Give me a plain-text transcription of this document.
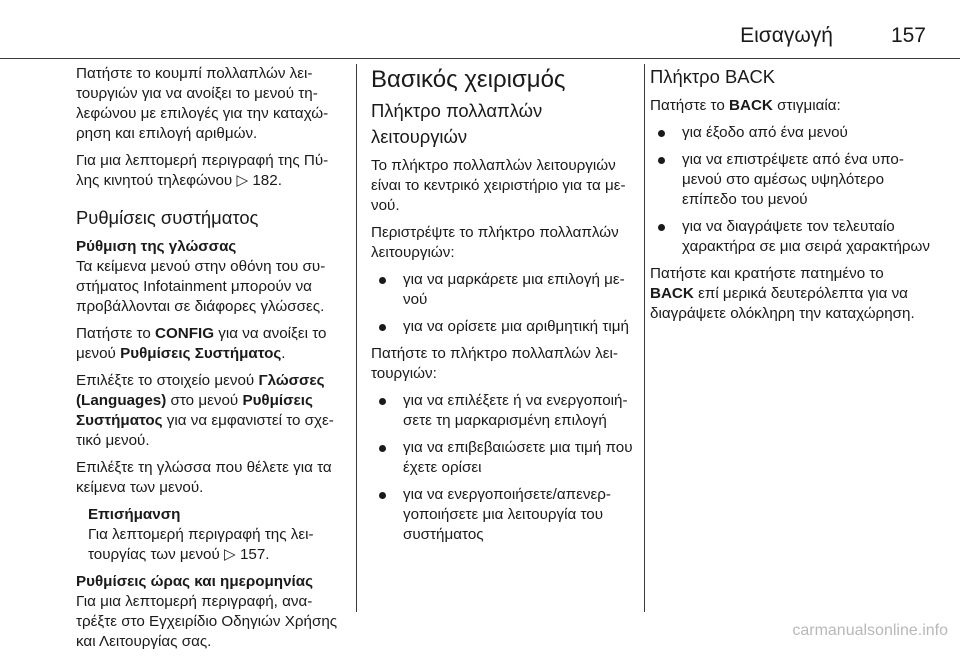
Εισαγωγή	157

Πατήστε το κουμπί πολλαπλών λειτουργιών για να ανοίξει το μενού τηλεφώνου με επιλογές για την καταχώρηση και επιλογή αριθμών.

Για μια λεπτομερή περιγραφή της Πύλης κινητού τηλεφώνου ▷ 182.

Ρυθμίσεις συστήματος
Ρύθμιση της γλώσσας

Τα κείμενα μενού στην οθόνη του συστήματος Infotainment μπορούν να προβάλλονται σε διάφορες γλώσσες.

Πατήστε το CONFIG για να ανοίξει το μενού Ρυθμίσεις Συστήματος.

Επιλέξτε το στοιχείο μενού Γλώσσες (Languages) στο μενού Ρυθμίσεις Συστήματος για να εμφανιστεί το σχετικό μενού.

Επιλέξτε τη γλώσσα που θέλετε για τα κείμενα των μενού.

Επισήμανση
Για λεπτομερή περιγραφή της λειτουργίας των μενού ▷ 157.
Ρυθμίσεις ώρας και ημερομηνίας

Για μια λεπτομερή περιγραφή, ανατρέξτε στο Εγχειρίδιο Οδηγιών Χρήσης και Λειτουργίας σας.

Βασικός χειρισμός
Πλήκτρο πολλαπλών λειτουργιών

Το πλήκτρο πολλαπλών λειτουργιών είναι το κεντρικό χειριστήριο για τα μενού.

Περιστρέψτε το πλήκτρο πολλαπλών λειτουργιών:

για να μαρκάρετε μια επιλογή μενού
για να ορίσετε μια αριθμητική τιμή

Πατήστε το πλήκτρο πολλαπλών λειτουργιών:

για να επιλέξετε ή να ενεργοποιήσετε τη μαρκαρισμένη επιλογή
για να επιβεβαιώσετε μια τιμή που έχετε ορίσει
για να ενεργοποιήσετε/απενεργοποιήσετε μια λειτουργία του συστήματος
Πλήκτρο BACK

Πατήστε το BACK στιγμιαία:

για έξοδο από ένα μενού
για να επιστρέψετε από ένα υπομενού στο αμέσως υψηλότερο επίπεδο του μενού
για να διαγράψετε τον τελευταίο χαρακτήρα σε μια σειρά χαρακτήρων

Πατήστε και κρατήστε πατημένο το BACK επί μερικά δευτερόλεπτα για να διαγράψετε ολόκληρη την καταχώρηση.

carmanualsonline.info
